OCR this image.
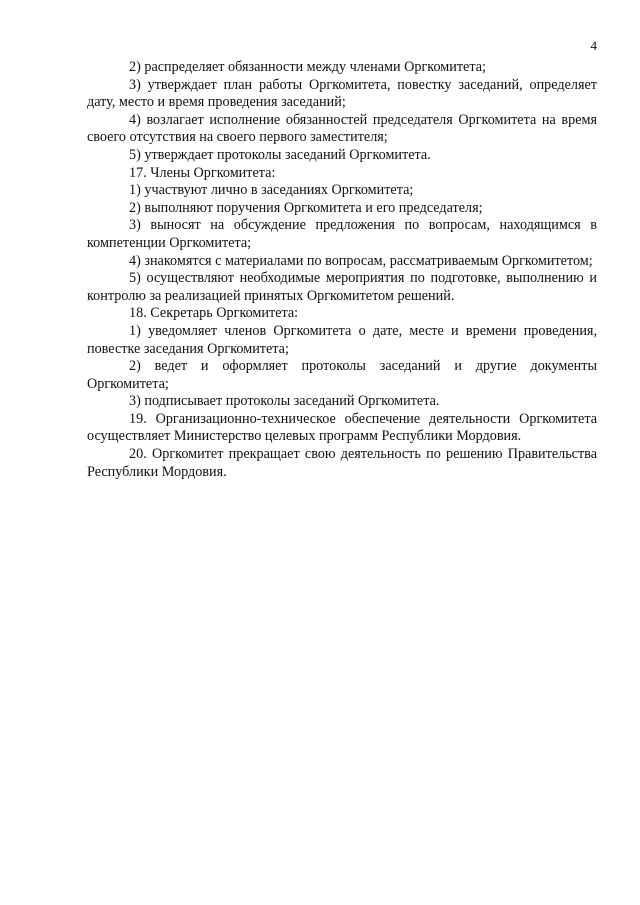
4

2) распределяет обязанности между членами Оргкомитета;

3) утверждает план работы Оргкомитета, повестку заседаний, определяет дату, место и время проведения заседаний;

4) возлагает исполнение обязанностей председателя Оргкомитета на время своего отсутствия на своего первого заместителя;

5) утверждает протоколы заседаний Оргкомитета.

17. Члены Оргкомитета:

1) участвуют лично в заседаниях Оргкомитета;

2) выполняют поручения Оргкомитета и его председателя;

3) выносят на обсуждение предложения по вопросам, находящимся в компетенции Оргкомитета;

4) знакомятся с материалами по вопросам, рассматриваемым Оргкомитетом;

5) осуществляют необходимые мероприятия по подготовке, выполнению и контролю за реализацией принятых Оргкомитетом решений.

18. Секретарь Оргкомитета:

1) уведомляет членов Оргкомитета о дате, месте и времени проведения, повестке заседания Оргкомитета;

2) ведет и оформляет протоколы заседаний и другие документы Оргкомитета;

3) подписывает протоколы заседаний Оргкомитета.

19. Организационно-техническое обеспечение деятельности Оргкомитета осуществляет Министерство целевых программ Республики Мордовия.

20. Оргкомитет прекращает свою деятельность по решению Правительства Республики Мордовия.
